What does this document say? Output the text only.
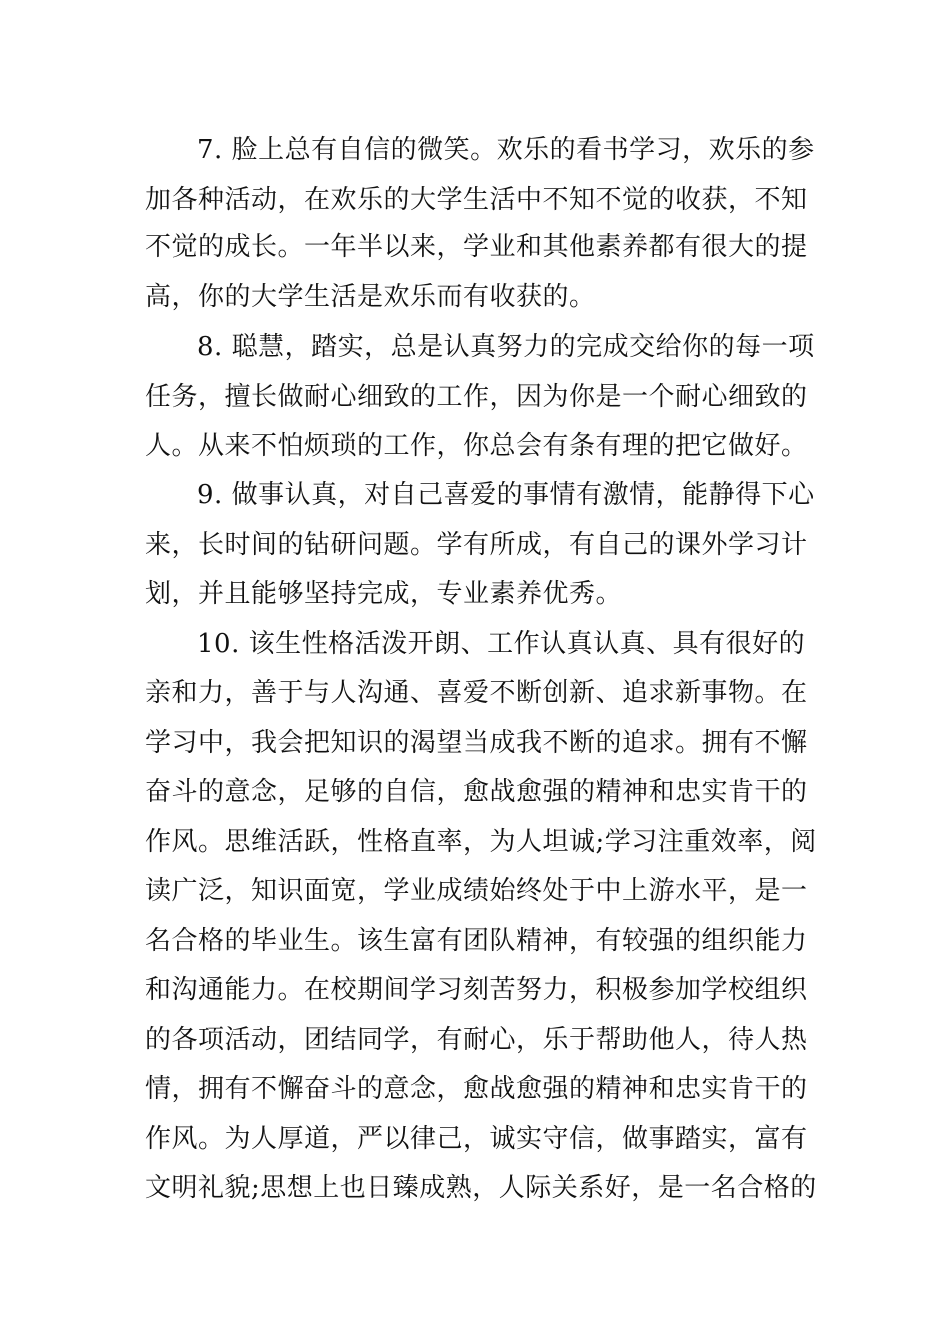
7. 脸上总有自信的微笑。欢乐的看书学习，欢乐的参
加各种活动，在欢乐的大学生活中不知不觉的收获，不知
不觉的成长。一年半以来，学业和其他素养都有很大的提
高，你的大学生活是欢乐而有收获的。
8. 聪慧，踏实，总是认真努力的完成交给你的每一项
任务，擅长做耐心细致的工作，因为你是一个耐心细致的
人。从来不怕烦琐的工作，你总会有条有理的把它做好。
9. 做事认真，对自己喜爱的事情有激情，能静得下心
来，长时间的钻研问题。学有所成，有自己的课外学习计
划，并且能够坚持完成，专业素养优秀。
10. 该生性格活泼开朗、工作认真认真、具有很好的
亲和力，善于与人沟通、喜爱不断创新、追求新事物。在
学习中，我会把知识的渴望当成我不断的追求。拥有不懈
奋斗的意念，足够的自信，愈战愈强的精神和忠实肯干的
作风。思维活跃，性格直率，为人坦诚;学习注重效率，阅
读广泛，知识面宽，学业成绩始终处于中上游水平，是一
名合格的毕业生。该生富有团队精神，有较强的组织能力
和沟通能力。在校期间学习刻苦努力，积极参加学校组织
的各项活动，团结同学，有耐心，乐于帮助他人，待人热
情，拥有不懈奋斗的意念，愈战愈强的精神和忠实肯干的
作风。为人厚道，严以律己，诚实守信，做事踏实，富有
文明礼貌;思想上也日臻成熟，人际关系好，是一名合格的
